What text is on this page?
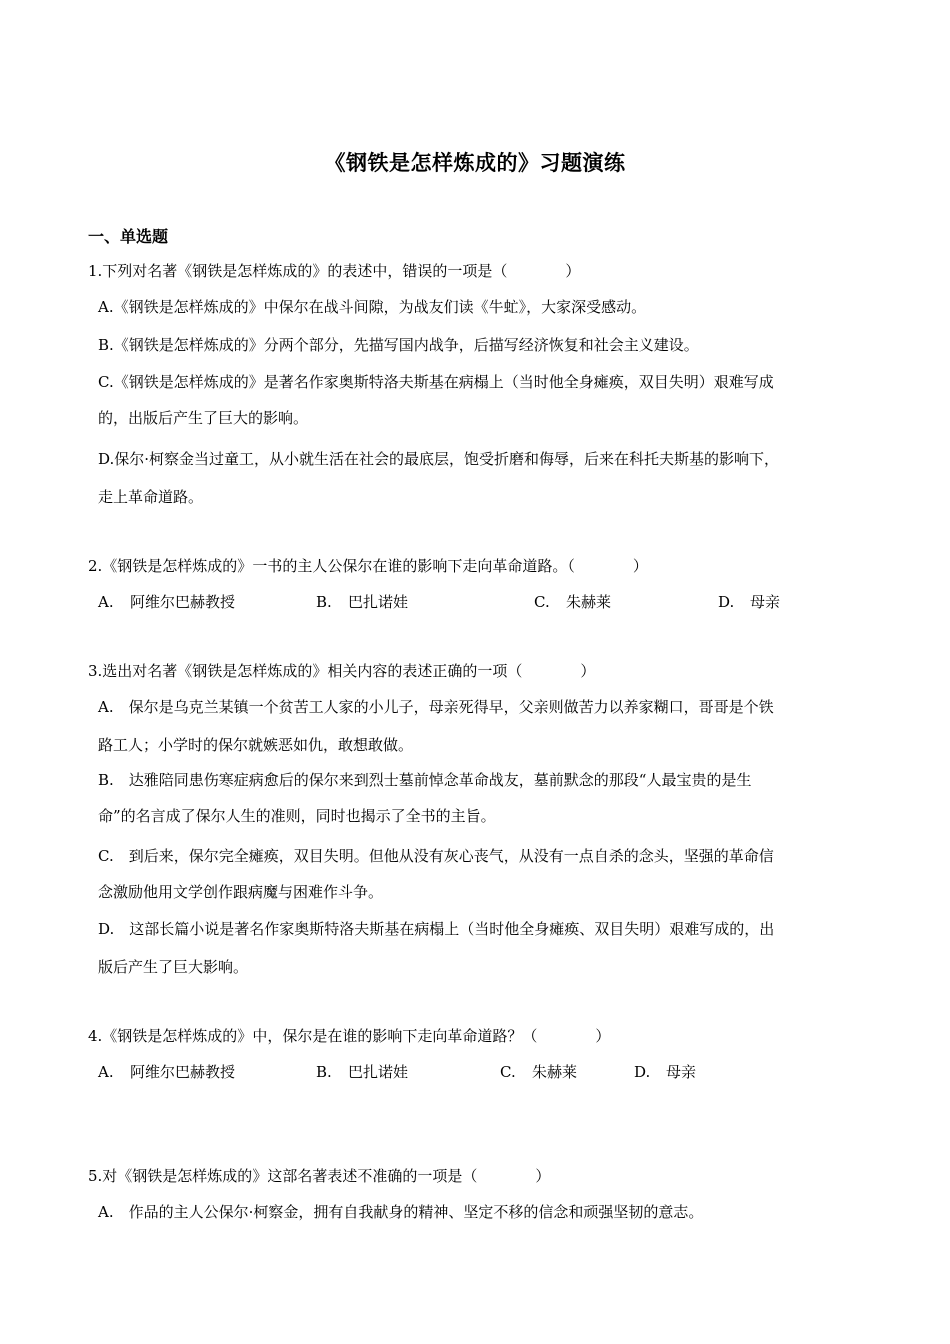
《钢铁是怎样炼成的》习题演练
一、单选题
1.下列对名著《钢铁是怎样炼成的》的表述中，错误的一项是（	）
A.《钢铁是怎样炼成的》中保尔在战斗间隙，为战友们读《牛虻》，大家深受感动。
B.《钢铁是怎样炼成的》分两个部分，先描写国内战争，后描写经济恢复和社会主义建设。
C.《钢铁是怎样炼成的》是著名作家奥斯特洛夫斯基在病榻上（当时他全身瘫痪，双目失明）艰难写成
的，出版后产生了巨大的影响。
D.保尔·柯察金当过童工，从小就生活在社会的最底层，饱受折磨和侮辱，后来在科托夫斯基的影响下，
走上革命道路。
2.《钢铁是怎样炼成的》一书的主人公保尔在谁的影响下走向革命道路。（	）
A. 阿维尔巴赫教授	B. 巴扎诺娃	C. 朱赫莱	D. 母亲
3.选出对名著《钢铁是怎样炼成的》相关内容的表述正确的一项（	）
A.　保尔是乌克兰某镇一个贫苦工人家的小儿子，母亲死得早，父亲则做苦力以养家糊口，哥哥是个铁
路工人；小学时的保尔就嫉恶如仇，敢想敢做。
B.　达雅陪同患伤寒症病愈后的保尔来到烈士墓前悼念革命战友，墓前默念的那段“人最宝贵的是生
命”的名言成了保尔人生的准则，同时也揭示了全书的主旨。
C.　到后来，保尔完全瘫痪，双目失明。但他从没有灰心丧气，从没有一点自杀的念头，坚强的革命信
念激励他用文学创作跟病魔与困难作斗争。
D.　这部长篇小说是著名作家奥斯特洛夫斯基在病榻上（当时他全身瘫痪、双目失明）艰难写成的，出
版后产生了巨大影响。
4.《钢铁是怎样炼成的》中，保尔是在谁的影响下走向革命道路？（	）
A. 阿维尔巴赫教授	B. 巴扎诺娃	C. 朱赫莱	D. 母亲
5.对《钢铁是怎样炼成的》这部名著表述不准确的一项是（	）
A.　作品的主人公保尔·柯察金，拥有自我献身的精神、坚定不移的信念和顽强坚韧的意志。
